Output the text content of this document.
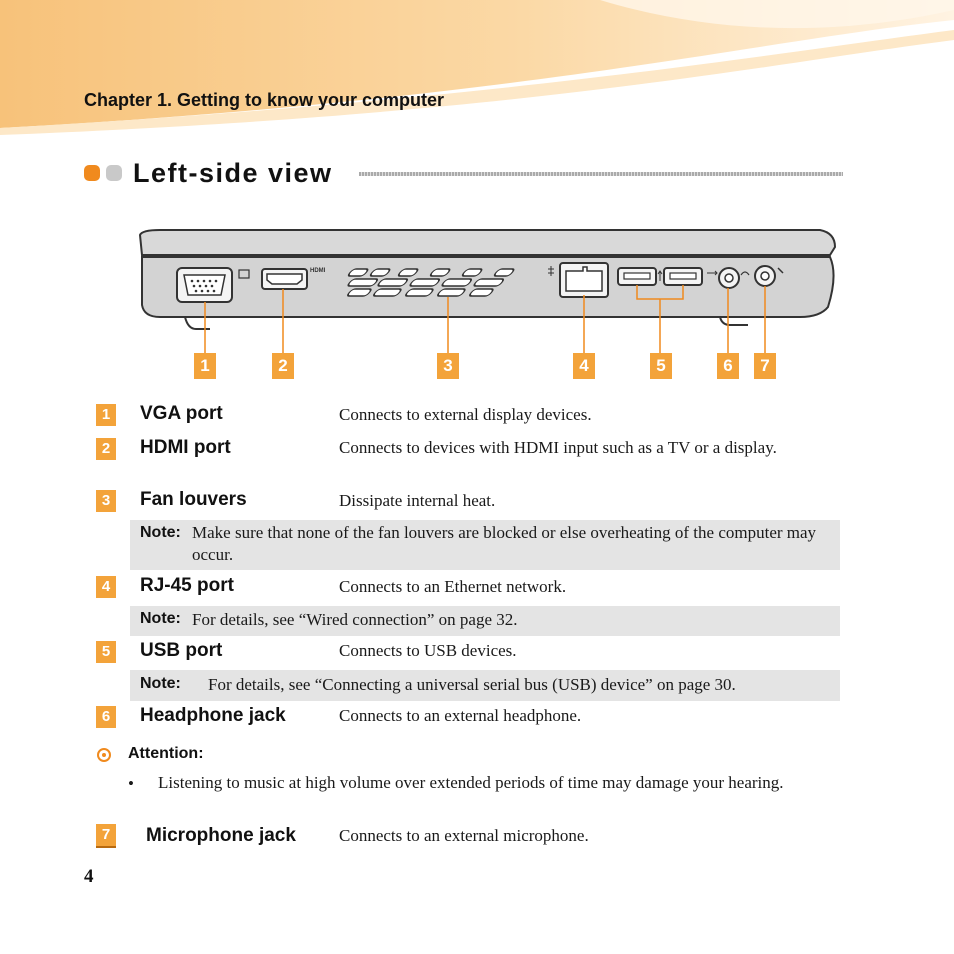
Chapter 1. Getting to know your computer
Left-side view
HDMI
1	2	3	4	5	6	7
1	VGA port	Connects to external display devices.
2	HDMI port	Connects to devices with HDMI input such as a TV or a display.
3	Fan louvers	Dissipate internal heat.
Note: Make sure that none of the fan louvers are blocked or else overheating of the computer may occur.
4	RJ-45 port	Connects to an Ethernet network.
Note: For details, see “Wired connection” on page 32.
5	USB port	Connects to USB devices.
Note: For details, see “Connecting a universal serial bus (USB) device” on page 30.
6	Headphone jack	Connects to an external headphone.
Attention:
• Listening to music at high volume over extended periods of time may damage your hearing.
7	Microphone jack	Connects to an external microphone.
4
